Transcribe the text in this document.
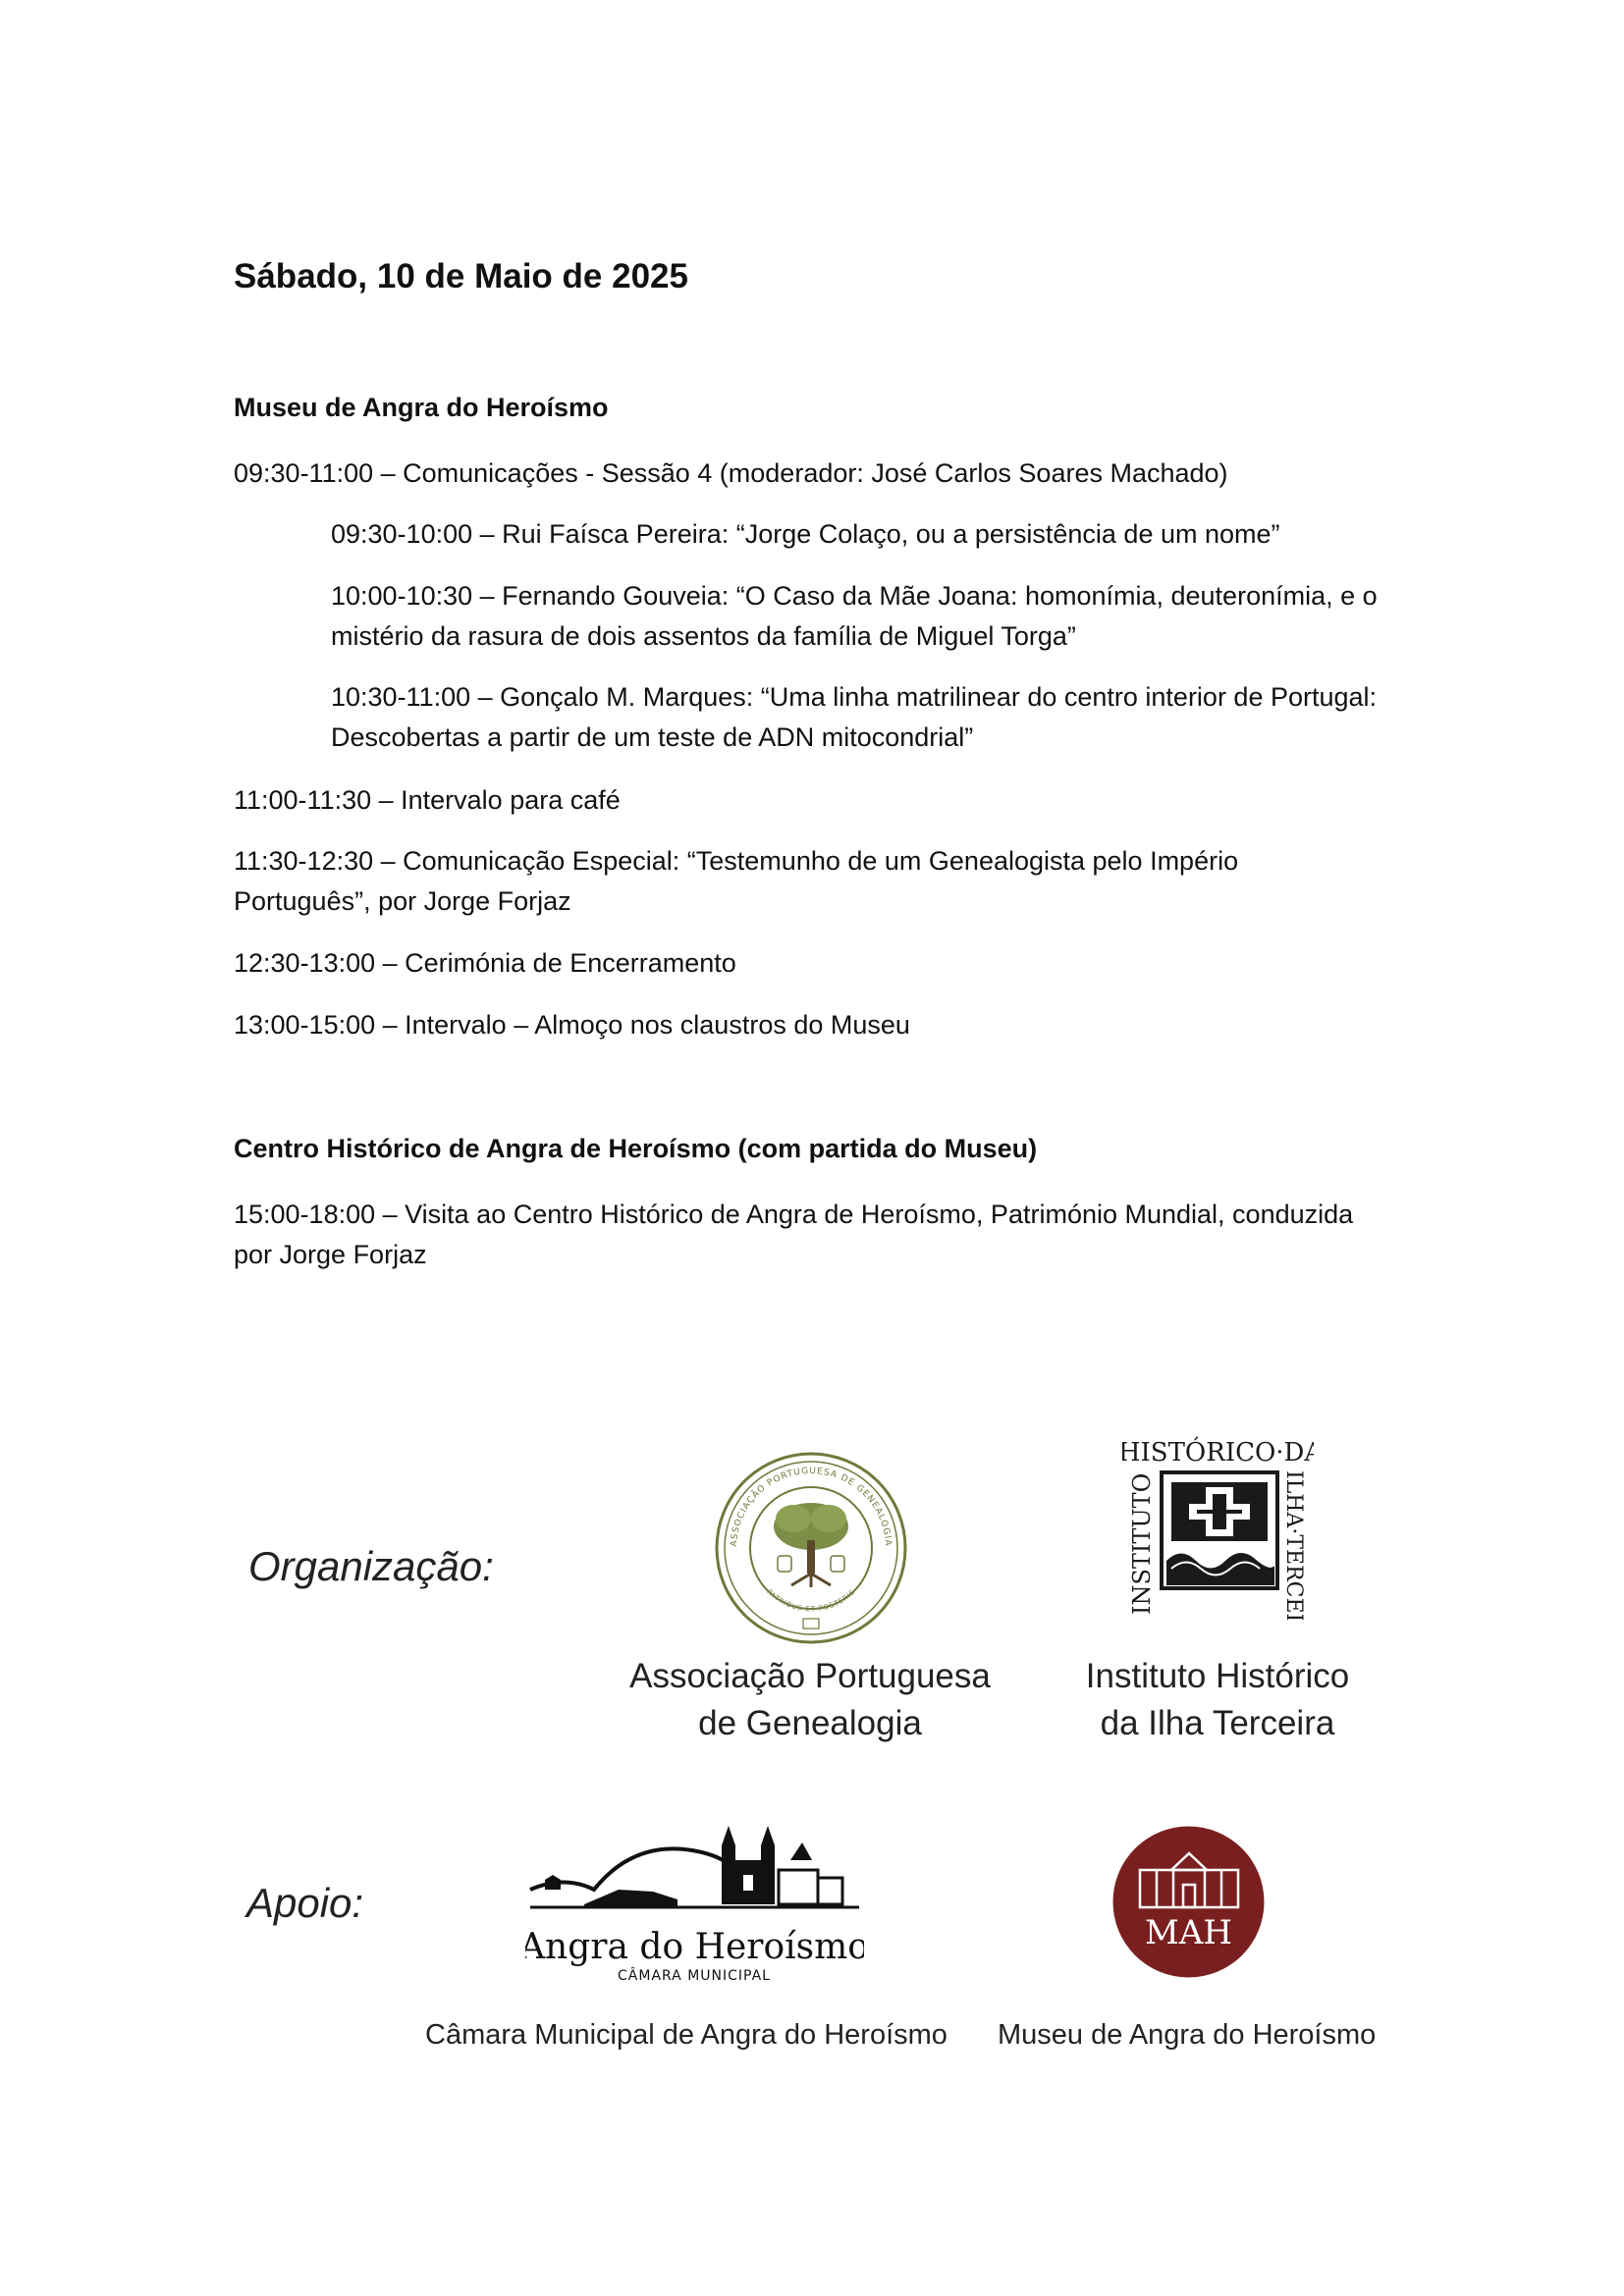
Sábado, 10 de Maio de 2025
Museu de Angra do Heroísmo
09:30-11:00 – Comunicações - Sessão 4 (moderador: José Carlos Soares Machado)
09:30-10:00 – Rui Faísca Pereira: “Jorge Colaço, ou a persistência de um nome”
10:00-10:30 – Fernando Gouveia: “O Caso da Mãe Joana: homonímia, deuteronímia, e o mistério da rasura de dois assentos da família de Miguel Torga”
10:30-11:00 – Gonçalo M. Marques: “Uma linha matrilinear do centro interior de Portugal: Descobertas a partir de um teste de ADN mitocondrial”
11:00-11:30 – Intervalo para café
11:30-12:30 – Comunicação Especial: “Testemunho de um Genealogista pelo Império Português”, por Jorge Forjaz
12:30-13:00 – Cerimónia de Encerramento
13:00-15:00 – Intervalo – Almoço nos claustros do Museu
Centro Histórico de Angra de Heroísmo (com partida do Museu)
15:00-18:00 – Visita ao Centro Histórico de Angra de Heroísmo, Património Mundial, conduzida por Jorge Forjaz
Organização:	ASSOCIAÇÃO PORTUGUESA DE GENEALOGIA
PATRIBUS ET POSTERIS
HISTÓRICO·DA
INSTITUTO	ILHA·TERCEIRA
Associação Portuguesa
de Genealogia
Instituto Histórico
da Ilha Terceira
Apoio:
Angra do Heroísmo
CÂMARA MUNICIPAL
MAH
Câmara Municipal de Angra do Heroísmo Museu de Angra do Heroísmo
